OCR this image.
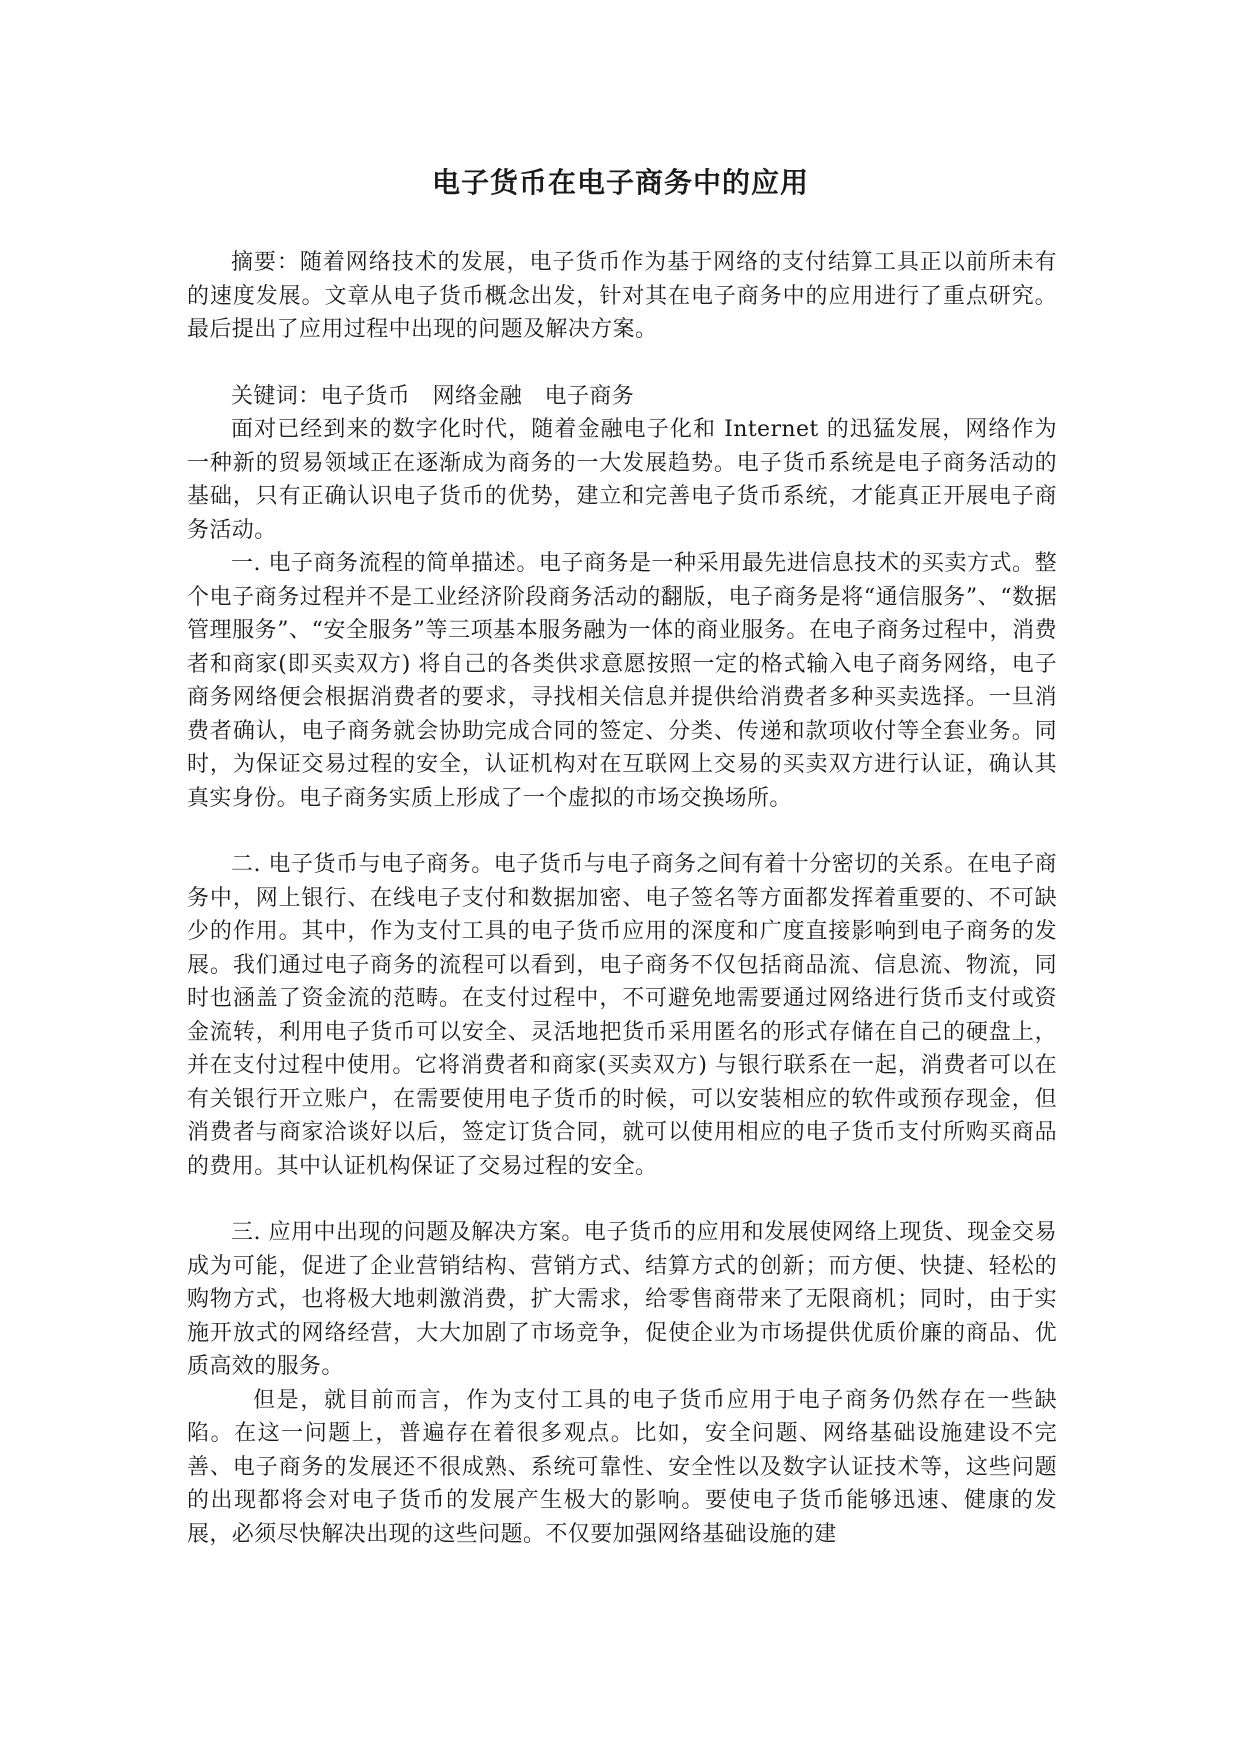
电子货币在电子商务中的应用

摘要：随着网络技术的发展，电子货币作为基于网络的支付结算工具正以前所未有的速度发展。文章从电子货币概念出发，针对其在电子商务中的应用进行了重点研究。最后提出了应用过程中出现的问题及解决方案。

关键词：电子货币　网络金融　电子商务

面对已经到来的数字化时代，随着金融电子化和 Internet 的迅猛发展，网络作为一种新的贸易领域正在逐渐成为商务的一大发展趋势。电子货币系统是电子商务活动的基础，只有正确认识电子货币的优势，建立和完善电子货币系统，才能真正开展电子商务活动。

一. 电子商务流程的简单描述。电子商务是一种采用最先进信息技术的买卖方式。整个电子商务过程并不是工业经济阶段商务活动的翻版，电子商务是将“通信服务”、“数据管理服务”、“安全服务”等三项基本服务融为一体的商业服务。在电子商务过程中，消费者和商家(即买卖双方) 将自己的各类供求意愿按照一定的格式输入电子商务网络，电子商务网络便会根据消费者的要求，寻找相关信息并提供给消费者多种买卖选择。一旦消费者确认，电子商务就会协助完成合同的签定、分类、传递和款项收付等全套业务。同时，为保证交易过程的安全，认证机构对在互联网上交易的买卖双方进行认证，确认其真实身份。电子商务实质上形成了一个虚拟的市场交换场所。

二. 电子货币与电子商务。电子货币与电子商务之间有着十分密切的关系。在电子商务中，网上银行、在线电子支付和数据加密、电子签名等方面都发挥着重要的、不可缺少的作用。其中，作为支付工具的电子货币应用的深度和广度直接影响到电子商务的发展。我们通过电子商务的流程可以看到，电子商务不仅包括商品流、信息流、物流，同时也涵盖了资金流的范畴。在支付过程中，不可避免地需要通过网络进行货币支付或资金流转，利用电子货币可以安全、灵活地把货币采用匿名的形式存储在自己的硬盘上，并在支付过程中使用。它将消费者和商家(买卖双方) 与银行联系在一起，消费者可以在有关银行开立账户，在需要使用电子货币的时候，可以安装相应的软件或预存现金，但消费者与商家洽谈好以后，签定订货合同，就可以使用相应的电子货币支付所购买商品的费用。其中认证机构保证了交易过程的安全。

三. 应用中出现的问题及解决方案。电子货币的应用和发展使网络上现货、现金交易成为可能，促进了企业营销结构、营销方式、结算方式的创新；而方便、快捷、轻松的购物方式，也将极大地刺激消费，扩大需求，给零售商带来了无限商机；同时，由于实施开放式的网络经营，大大加剧了市场竞争，促使企业为市场提供优质价廉的商品、优质高效的服务。

但是，就目前而言，作为支付工具的电子货币应用于电子商务仍然存在一些缺陷。在这一问题上，普遍存在着很多观点。比如，安全问题、网络基础设施建设不完善、电子商务的发展还不很成熟、系统可靠性、安全性以及数字认证技术等，这些问题的出现都将会对电子货币的发展产生极大的影响。要使电子货币能够迅速、健康的发展，必须尽快解决出现的这些问题。不仅要加强网络基础设施的建
